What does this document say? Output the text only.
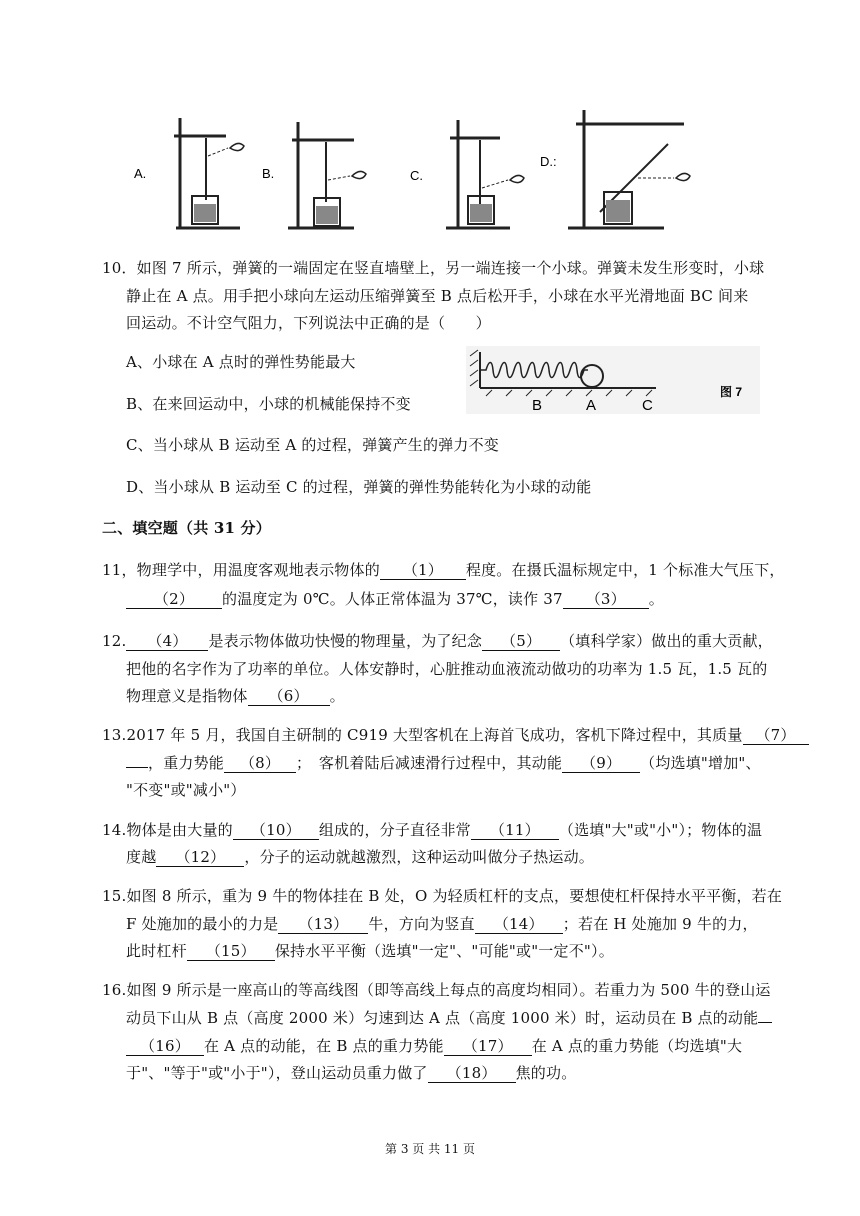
A.	B.	C.
D.:
10．如图 7 所示，弹簧的一端固定在竖直墙壁上，另一端连接一个小球。弹簧未发生形变时，小球
静止在 A 点。用手把小球向左运动压缩弹簧至 B 点后松开手，小球在水平光滑地面 BC 间来
回运动。不计空气阻力，下列说法中正确的是（　　）
A、小球在 A 点时的弹性势能最大
B、在来回运动中，小球的机械能保持不变
C、当小球从 B 运动至 A 的过程，弹簧产生的弹力不变
D、当小球从 B 运动至 C 的过程，弹簧的弹性势能转化为小球的动能
B	A	C
图 7
二、填空题（共 31 分）
11，物理学中，用温度客观地表示物体的 （1） 程度。在摄氏温标规定中，1 个标准大气压下，
（2） 的温度定为 0℃。人体正常体温为 37℃，读作 37 （3） 。
12. （4） 是表示物体做功快慢的物理量，为了纪念 （5） （填科学家）做出的重大贡献，
把他的名字作为了功率的单位。人体安静时，心脏推动血液流动做功的功率为 1.5 瓦，1.5 瓦的
物理意义是指物体 （6） 。
13.2017 年 5 月，我国自主研制的 C919 大型客机在上海首飞成功，客机下降过程中，其质量 （7）
，重力势能 （8） ；　客机着陆后减速滑行过程中，其动能 （9） （均选填"增加"、
"不变"或"减小"）
14.物体是由大量的 （10） 组成的，分子直径非常 （11） （选填"大"或"小"）；物体的温
度越 （12） ，分子的运动就越激烈，这种运动叫做分子热运动。
15.如图 8 所示，重为 9 牛的物体挂在 B 处，O 为轻质杠杆的支点，要想使杠杆保持水平平衡，若在
F 处施加的最小的力是 （13） 牛，方向为竖直 （14） ；若在 H 处施加 9 牛的力，
此时杠杆 （15） 保持水平平衡（选填"一定"、"可能"或"一定不"）。
16.如图 9 所示是一座高山的等高线图（即等高线上每点的高度均相同）。若重力为 500 牛的登山运
动员下山从 B 点（高度 2000 米）匀速到达 A 点（高度 1000 米）时，运动员在 B 点的动能
（16） 在 A 点的动能，在 B 点的重力势能 （17） 在 A 点的重力势能（均选填"大
于"、"等于"或"小于"），登山运动员重力做了 （18） 焦的功。
第 3 页 共 11 页
